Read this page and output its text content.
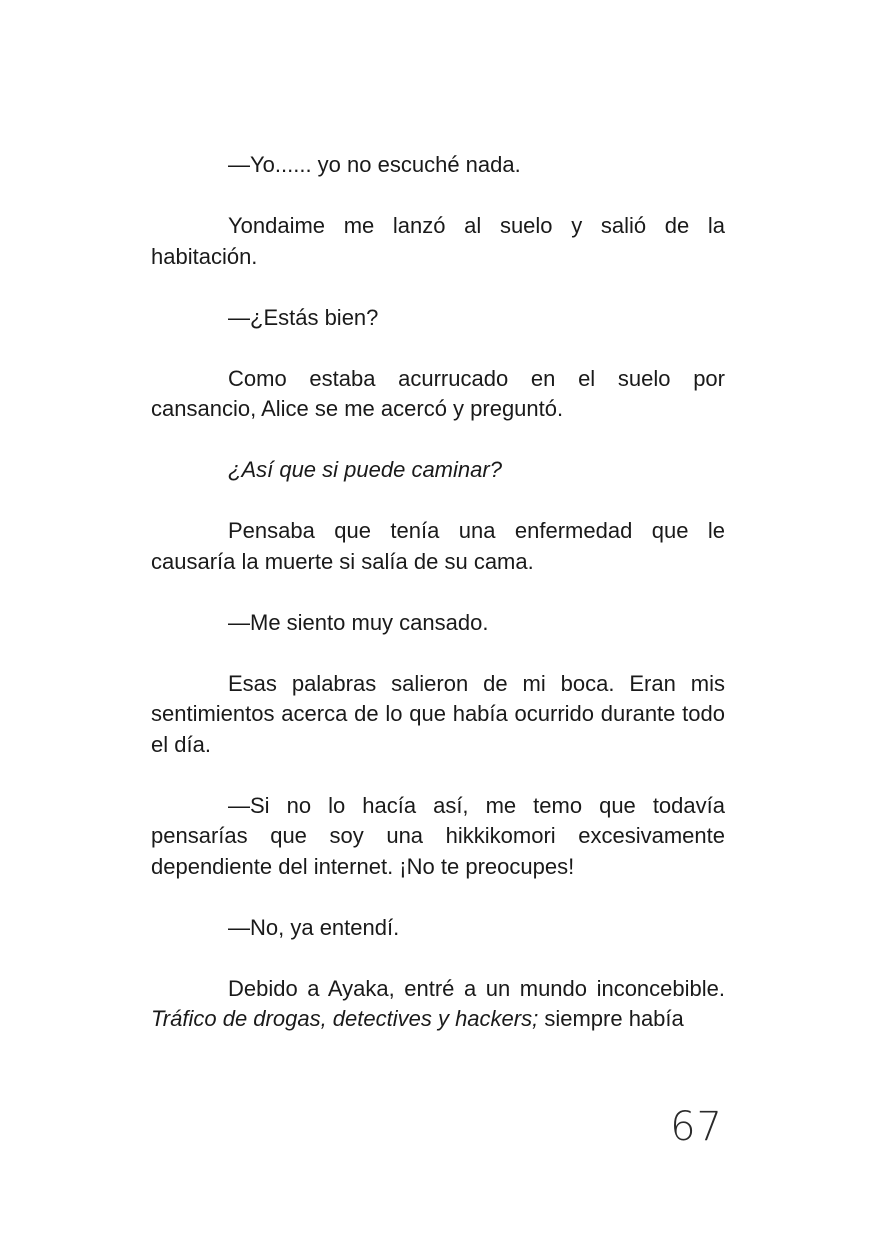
—Yo...... yo no escuché nada.

Yondaime me lanzó al suelo y salió de la habitación.

—¿Estás bien?

Como estaba acurrucado en el suelo por cansancio, Alice se me acercó y preguntó.

¿Así que si puede caminar?

Pensaba que tenía una enfermedad que le causaría la muerte si salía de su cama.

—Me siento muy cansado.

Esas palabras salieron de mi boca. Eran mis sentimientos acerca de lo que había ocurrido durante todo el día.

—Si no lo hacía así, me temo que todavía pensarías que soy una hikkikomori excesivamente dependiente del internet. ¡No te preocupes!

—No, ya entendí.

Debido a Ayaka, entré a un mundo inconcebible. Tráfico de drogas, detectives y hackers; siempre había

67
